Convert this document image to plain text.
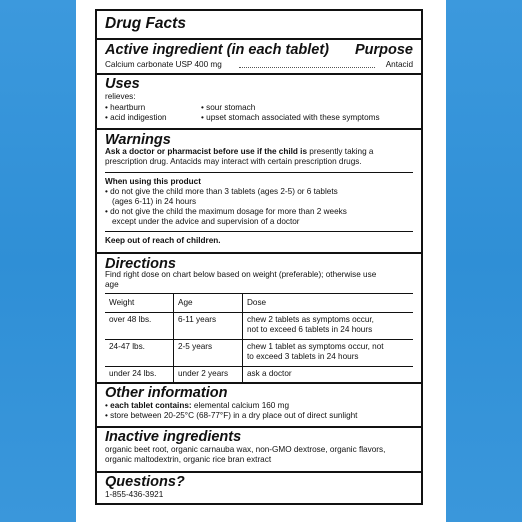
Drug Facts
Active ingredient (in each tablet) Purpose
Calcium carbonate USP 400 mg	Antacid
Uses
relieves:
• heartburn
• acid indigestion
• sour stomach
• upset stomach associated with these symptoms
Warnings
Ask a doctor or pharmacist before use if the child is presently taking a
prescription drug. Antacids may interact with certain prescription drugs.
When using this product
• do not give the child more than 3 tablets (ages 2-5) or 6 tablets
(ages 6-11) in 24 hours
• do not give the child the maximum dosage for more than 2 weeks
except under the advice and supervision of a doctor
Keep out of reach of children.
Directions
Find right dose on chart below based on weight (preferable); otherwise use
age
Weight	Age	Dose
over 48 lbs.	6-11 years	chew 2 tablets as symptoms occur,
not to exceed 6 tablets in 24 hours

24-47 lbs.	2-5 years	chew 1 tablet as symptoms occur, not
to exceed 3 tablets in 24 hours

under 24 lbs.	under 2 years	ask a doctor
Other information
• each tablet contains: elemental calcium 160 mg
• store between 20-25°C (68-77°F) in a dry place out of direct sunlight
Inactive ingredients
organic beet root, organic carnauba wax, non-GMO dextrose, organic flavors,
organic maltodextrin, organic rice bran extract
Questions?
1-855-436-3921
